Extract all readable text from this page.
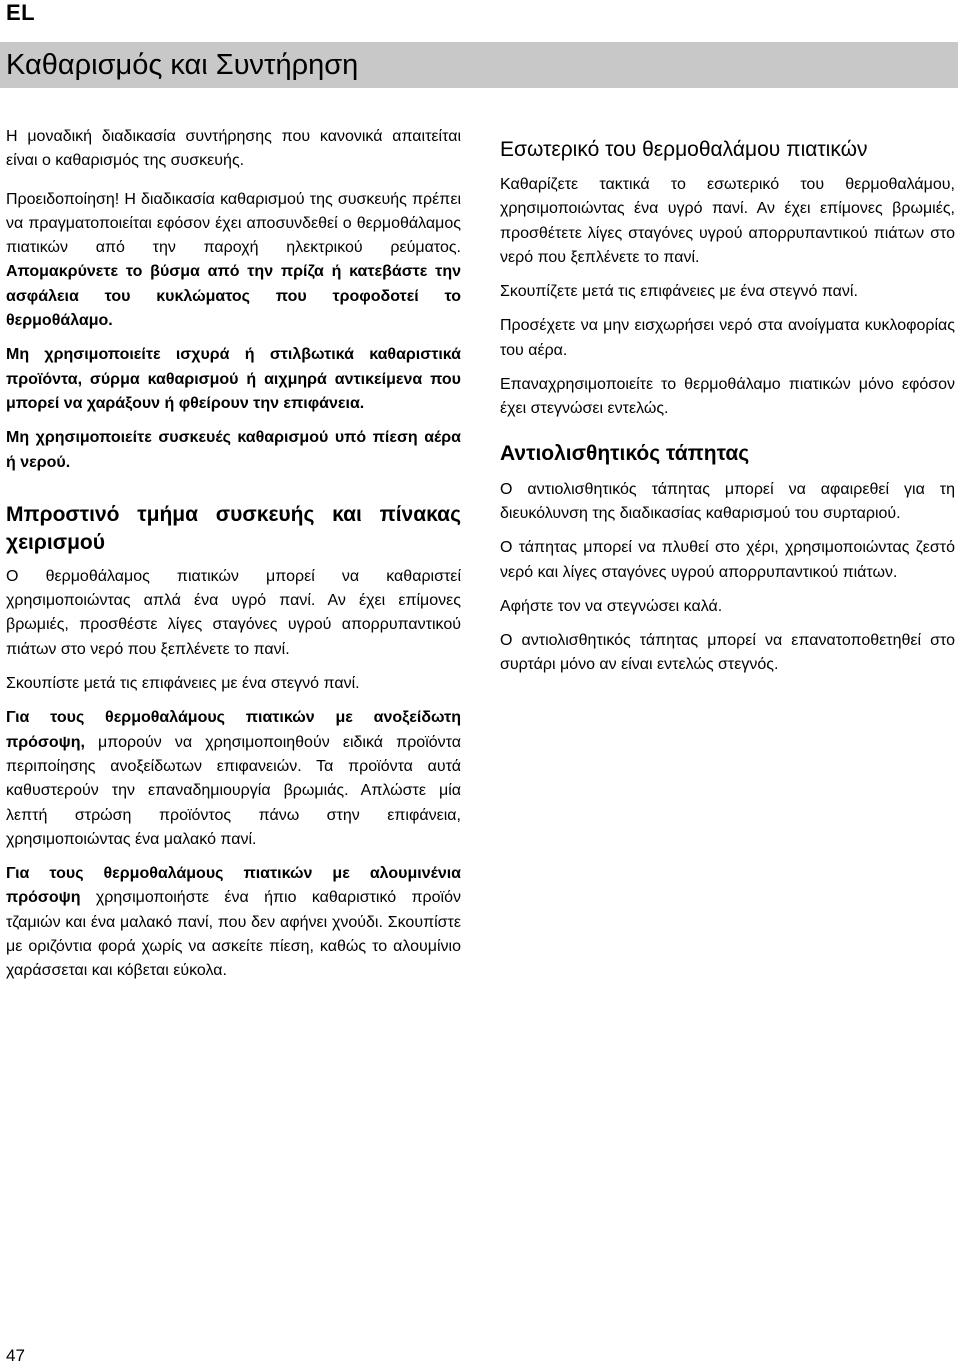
EL
Καθαρισμός και Συντήρηση

Η μοναδική διαδικασία συντήρησης που κανονικά απαιτείται είναι ο καθαρισμός της συσκευής.

Προειδοποίηση! Η διαδικασία καθαρισμού της συσκευής πρέπει να πραγματοποιείται εφόσον έχει αποσυνδεθεί ο θερμοθάλαμος πιατικών από την παροχή ηλεκτρικού ρεύματος. Απομακρύνετε το βύσμα από την πρίζα ή κατεβάστε την ασφάλεια του κυκλώματος που τροφοδοτεί το θερμοθάλαμο.

Μη χρησιμοποιείτε ισχυρά ή στιλβωτικά καθαριστικά προϊόντα, σύρμα καθαρισμού ή αιχμηρά αντικείμενα που μπορεί να χαράξουν ή φθείρουν την επιφάνεια.

Μη χρησιμοποιείτε συσκευές καθαρισμού υπό πίεση αέρα ή νερού.

Μπροστινό τμήμα συσκευής και πίνακας χειρισμού

Ο θερμοθάλαμος πιατικών μπορεί να καθαριστεί χρησιμοποιώντας απλά ένα υγρό πανί. Αν έχει επίμονες βρωμιές, προσθέστε λίγες σταγόνες υγρού απορρυπαντικού πιάτων στο νερό που ξεπλένετε το πανί.

Σκουπίστε μετά τις επιφάνειες με ένα στεγνό πανί.

Για τους θερμοθαλάμους πιατικών με ανοξείδωτη πρόσοψη, μπορούν να χρησιμοποιηθούν ειδικά προϊόντα περιποίησης ανοξείδωτων επιφανειών. Τα προϊόντα αυτά καθυστερούν την επαναδημιουργία βρωμιάς. Απλώστε μία λεπτή στρώση προϊόντος πάνω στην επιφάνεια, χρησιμοποιώντας ένα μαλακό πανί.

Για τους θερμοθαλάμους πιατικών με αλουμινένια πρόσοψη χρησιμοποιήστε ένα ήπιο καθαριστικό προϊόν τζαμιών και ένα μαλακό πανί, που δεν αφήνει χνούδι. Σκουπίστε με οριζόντια φορά χωρίς να ασκείτε πίεση, καθώς το αλουμίνιο χαράσσεται και κόβεται εύκολα.

Εσωτερικό του θερμοθαλάμου πιατικών

Καθαρίζετε τακτικά το εσωτερικό του θερμοθαλάμου, χρησιμοποιώντας ένα υγρό πανί. Αν έχει επίμονες βρωμιές, προσθέτετε λίγες σταγόνες υγρού απορρυπαντικού πιάτων στο νερό που ξεπλένετε το πανί.

Σκουπίζετε μετά τις επιφάνειες με ένα στεγνό πανί.

Προσέχετε να μην εισχωρήσει νερό στα ανοίγματα κυκλοφορίας του αέρα.

Επαναχρησιμοποιείτε το θερμοθάλαμο πιατικών μόνο εφόσον έχει στεγνώσει εντελώς.

Αντιολισθητικός τάπητας

Ο αντιολισθητικός τάπητας μπορεί να αφαιρεθεί για τη διευκόλυνση της διαδικασίας καθαρισμού του συρταριού.

Ο τάπητας μπορεί να πλυθεί στο χέρι, χρησιμοποιώντας ζεστό νερό και λίγες σταγόνες υγρού απορρυπαντικού πιάτων.

Αφήστε τον να στεγνώσει καλά.

Ο αντιολισθητικός τάπητας μπορεί να επανατοποθετηθεί στο συρτάρι μόνο αν είναι εντελώς στεγνός.

47
